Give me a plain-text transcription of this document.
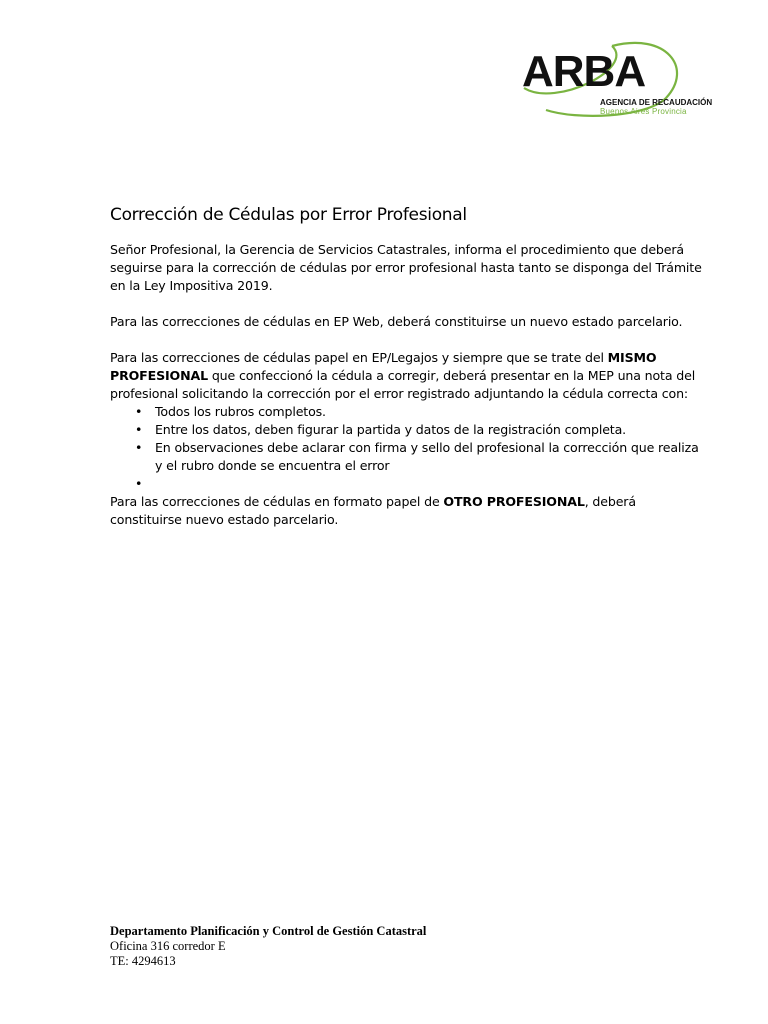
ARBA
AGENCIA DE RECAUDACIÓN
Buenos Aires Provincia
Corrección de Cédulas por Error Profesional

Señor Profesional, la Gerencia de Servicios Catastrales, informa el procedimiento que deberá seguirse para la corrección de cédulas por error profesional hasta tanto se disponga del Trámite en la Ley Impositiva 2019.

Para las correcciones de cédulas en EP Web, deberá constituirse un nuevo estado parcelario.

Para las correcciones de cédulas papel en EP/Legajos y siempre que se trate del MISMO PROFESIONAL que confeccionó la cédula a corregir, deberá presentar en la MEP una nota del profesional solicitando la corrección por el error registrado adjuntando la cédula correcta con:

• Todos los rubros completos.
• Entre los datos, deben figurar la partida y datos de la registración completa.
• En observaciones debe aclarar con firma y sello del profesional la corrección que realiza y el rubro donde se encuentra el error
•

Para las correcciones de cédulas en formato papel de OTRO PROFESIONAL, deberá constituirse nuevo estado parcelario.

Departamento Planificación y Control de Gestión Catastral
Oficina 316 corredor E
TE: 4294613
